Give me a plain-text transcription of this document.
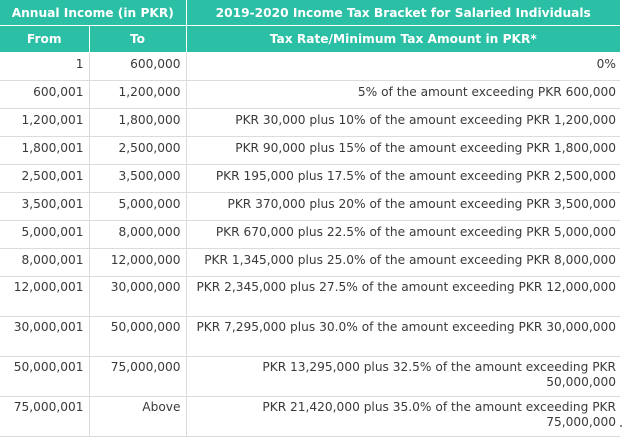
Annual Income (in PKR)		2019-2020 Income Tax Bracket for Salaried Individuals
From	To	Tax Rate/Minimum Tax Amount in PKR*
1	600,000	0%
600,001	1,200,000	5% of the amount exceeding PKR 600,000
1,200,001	1,800,000	PKR 30,000 plus 10% of the amount exceeding PKR 1,200,000
1,800,001	2,500,000	PKR 90,000 plus 15% of the amount exceeding PKR 1,800,000
2,500,001	3,500,000	PKR 195,000 plus 17.5% of the amount exceeding PKR 2,500,000
3,500,001	5,000,000	PKR 370,000 plus 20% of the amount exceeding PKR 3,500,000
5,000,001	8,000,000	PKR 670,000 plus 22.5% of the amount exceeding PKR 5,000,000
8,000,001	12,000,000	PKR 1,345,000 plus 25.0% of the amount exceeding PKR 8,000,000
12,000,001	30,000,000	PKR 2,345,000 plus 27.5% of the amount exceeding PKR 12,000,000
30,000,001	50,000,000	PKR 7,295,000 plus 30.0% of the amount exceeding PKR 30,000,000
50,000,001	75,000,000	PKR 13,295,000 plus 32.5% of the amount exceeding PKR 50,000,000
75,000,001	Above	PKR 21,420,000 plus 35.0% of the amount exceeding PKR 75,000,000
